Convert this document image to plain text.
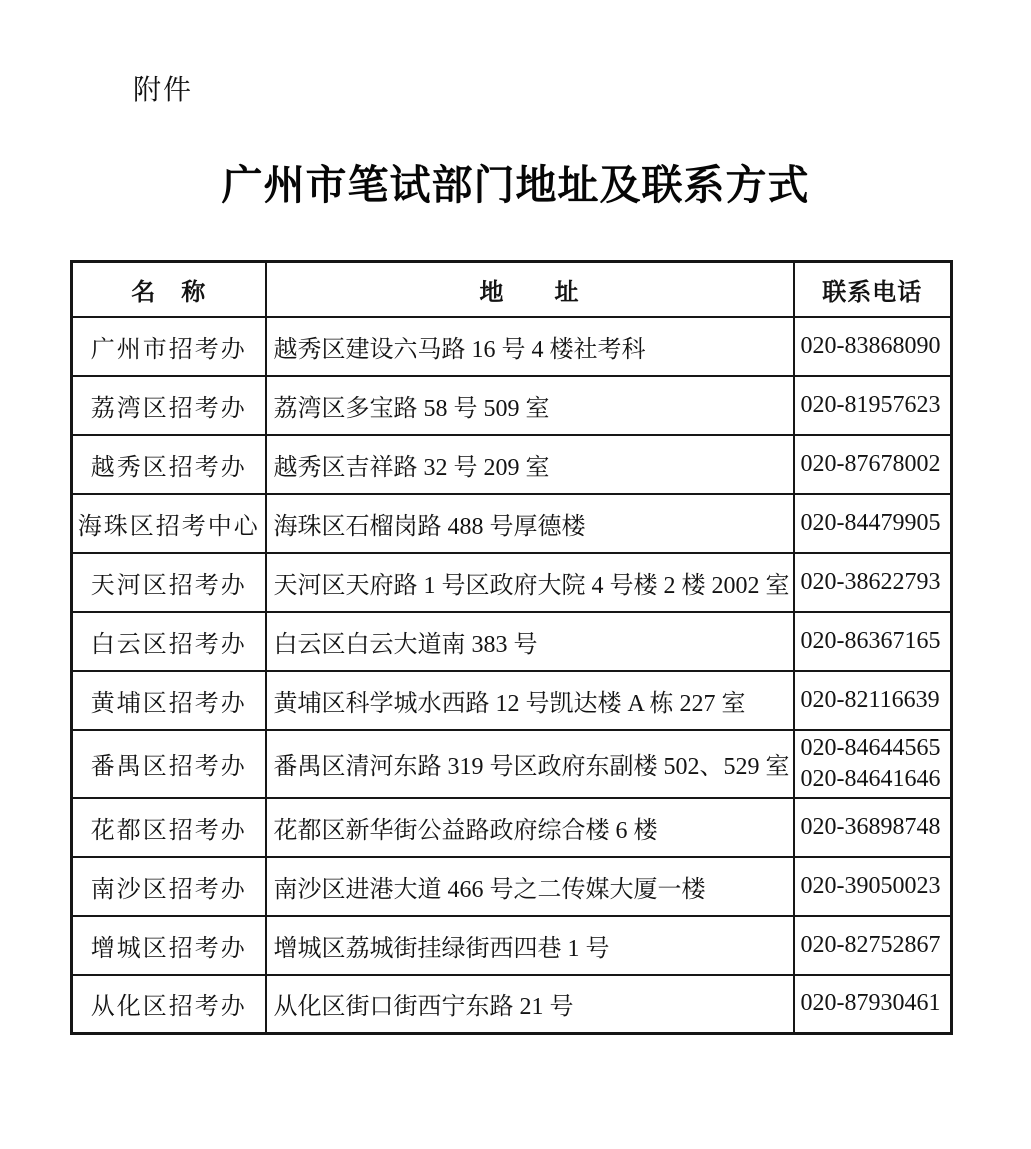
附件
广州市笔试部门地址及联系方式
名　称	地　　址	联系电话
广州市招考办	越秀区建设六马路 16 号 4 楼社考科	020-83868090

荔湾区招考办	荔湾区多宝路 58 号 509 室	020-81957623

越秀区招考办	越秀区吉祥路 32 号 209 室	020-87678002

海珠区招考中心	海珠区石榴岗路 488 号厚德楼	020-84479905

天河区招考办	天河区天府路 1 号区政府大院 4 号楼 2 楼 2002 室	020-38622793

白云区招考办	白云区白云大道南 383 号	020-86367165

黄埔区招考办	黄埔区科学城水西路 12 号凯达楼 A 栋 227 室	020-82116639

番禺区招考办	番禺区清河东路 319 号区政府东副楼 502、529 室	020-84644565
020-84641646

花都区招考办	花都区新华街公益路政府综合楼 6 楼	020-36898748

南沙区招考办	南沙区进港大道 466 号之二传媒大厦一楼	020-39050023

增城区招考办	增城区荔城街挂绿街西四巷 1 号	020-82752867

从化区招考办	从化区街口街西宁东路 21 号	020-87930461
